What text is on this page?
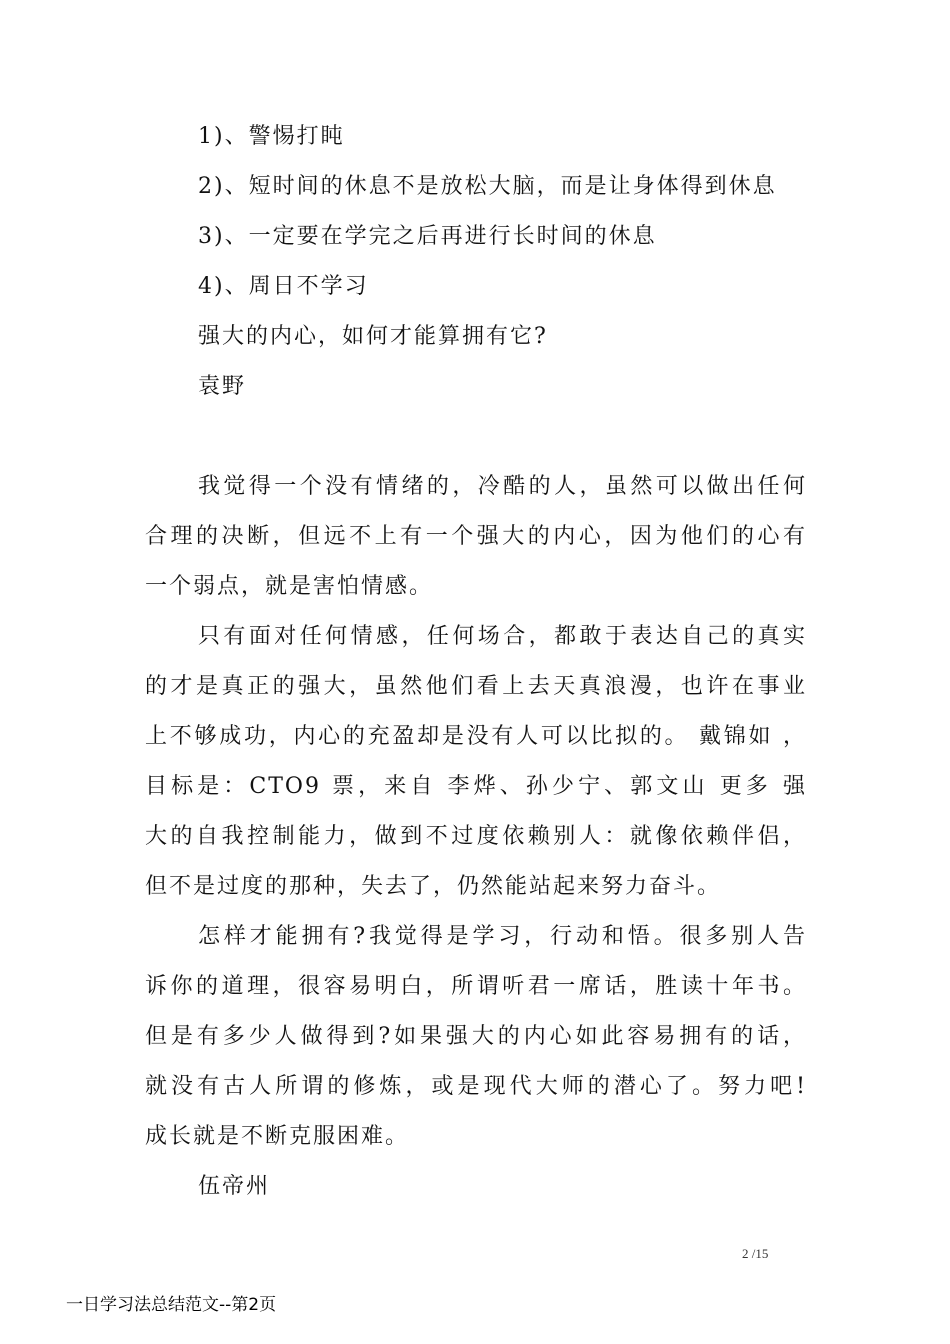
1)、警惕打盹
2)、短时间的休息不是放松大脑，而是让身体得到休息
3)、一定要在学完之后再进行长时间的休息
4)、周日不学习
强大的内心，如何才能算拥有它?
袁野
我觉得一个没有情绪的，冷酷的人，虽然可以做出任何
合理的决断，但远不上有一个强大的内心，因为他们的心有
一个弱点，就是害怕情感。
只有面对任何情感，任何场合，都敢于表达自己的真实
的才是真正的强大，虽然他们看上去天真浪漫，也许在事业
上不够成功，内心的充盈却是没有人可以比拟的。 戴锦如 ，
目标是：CTO9 票，来自 李烨、孙少宁、郭文山 更多 强
大的自我控制能力，做到不过度依赖别人：就像依赖伴侣，
但不是过度的那种，失去了，仍然能站起来努力奋斗。
怎样才能拥有?我觉得是学习，行动和悟。很多别人告
诉你的道理，很容易明白，所谓听君一席话，胜读十年书。
但是有多少人做得到?如果强大的内心如此容易拥有的话，
就没有古人所谓的修炼，或是现代大师的潜心了。努力吧!
成长就是不断克服困难。
伍帝州
2 /15
一日学习法总结范文--第2页
